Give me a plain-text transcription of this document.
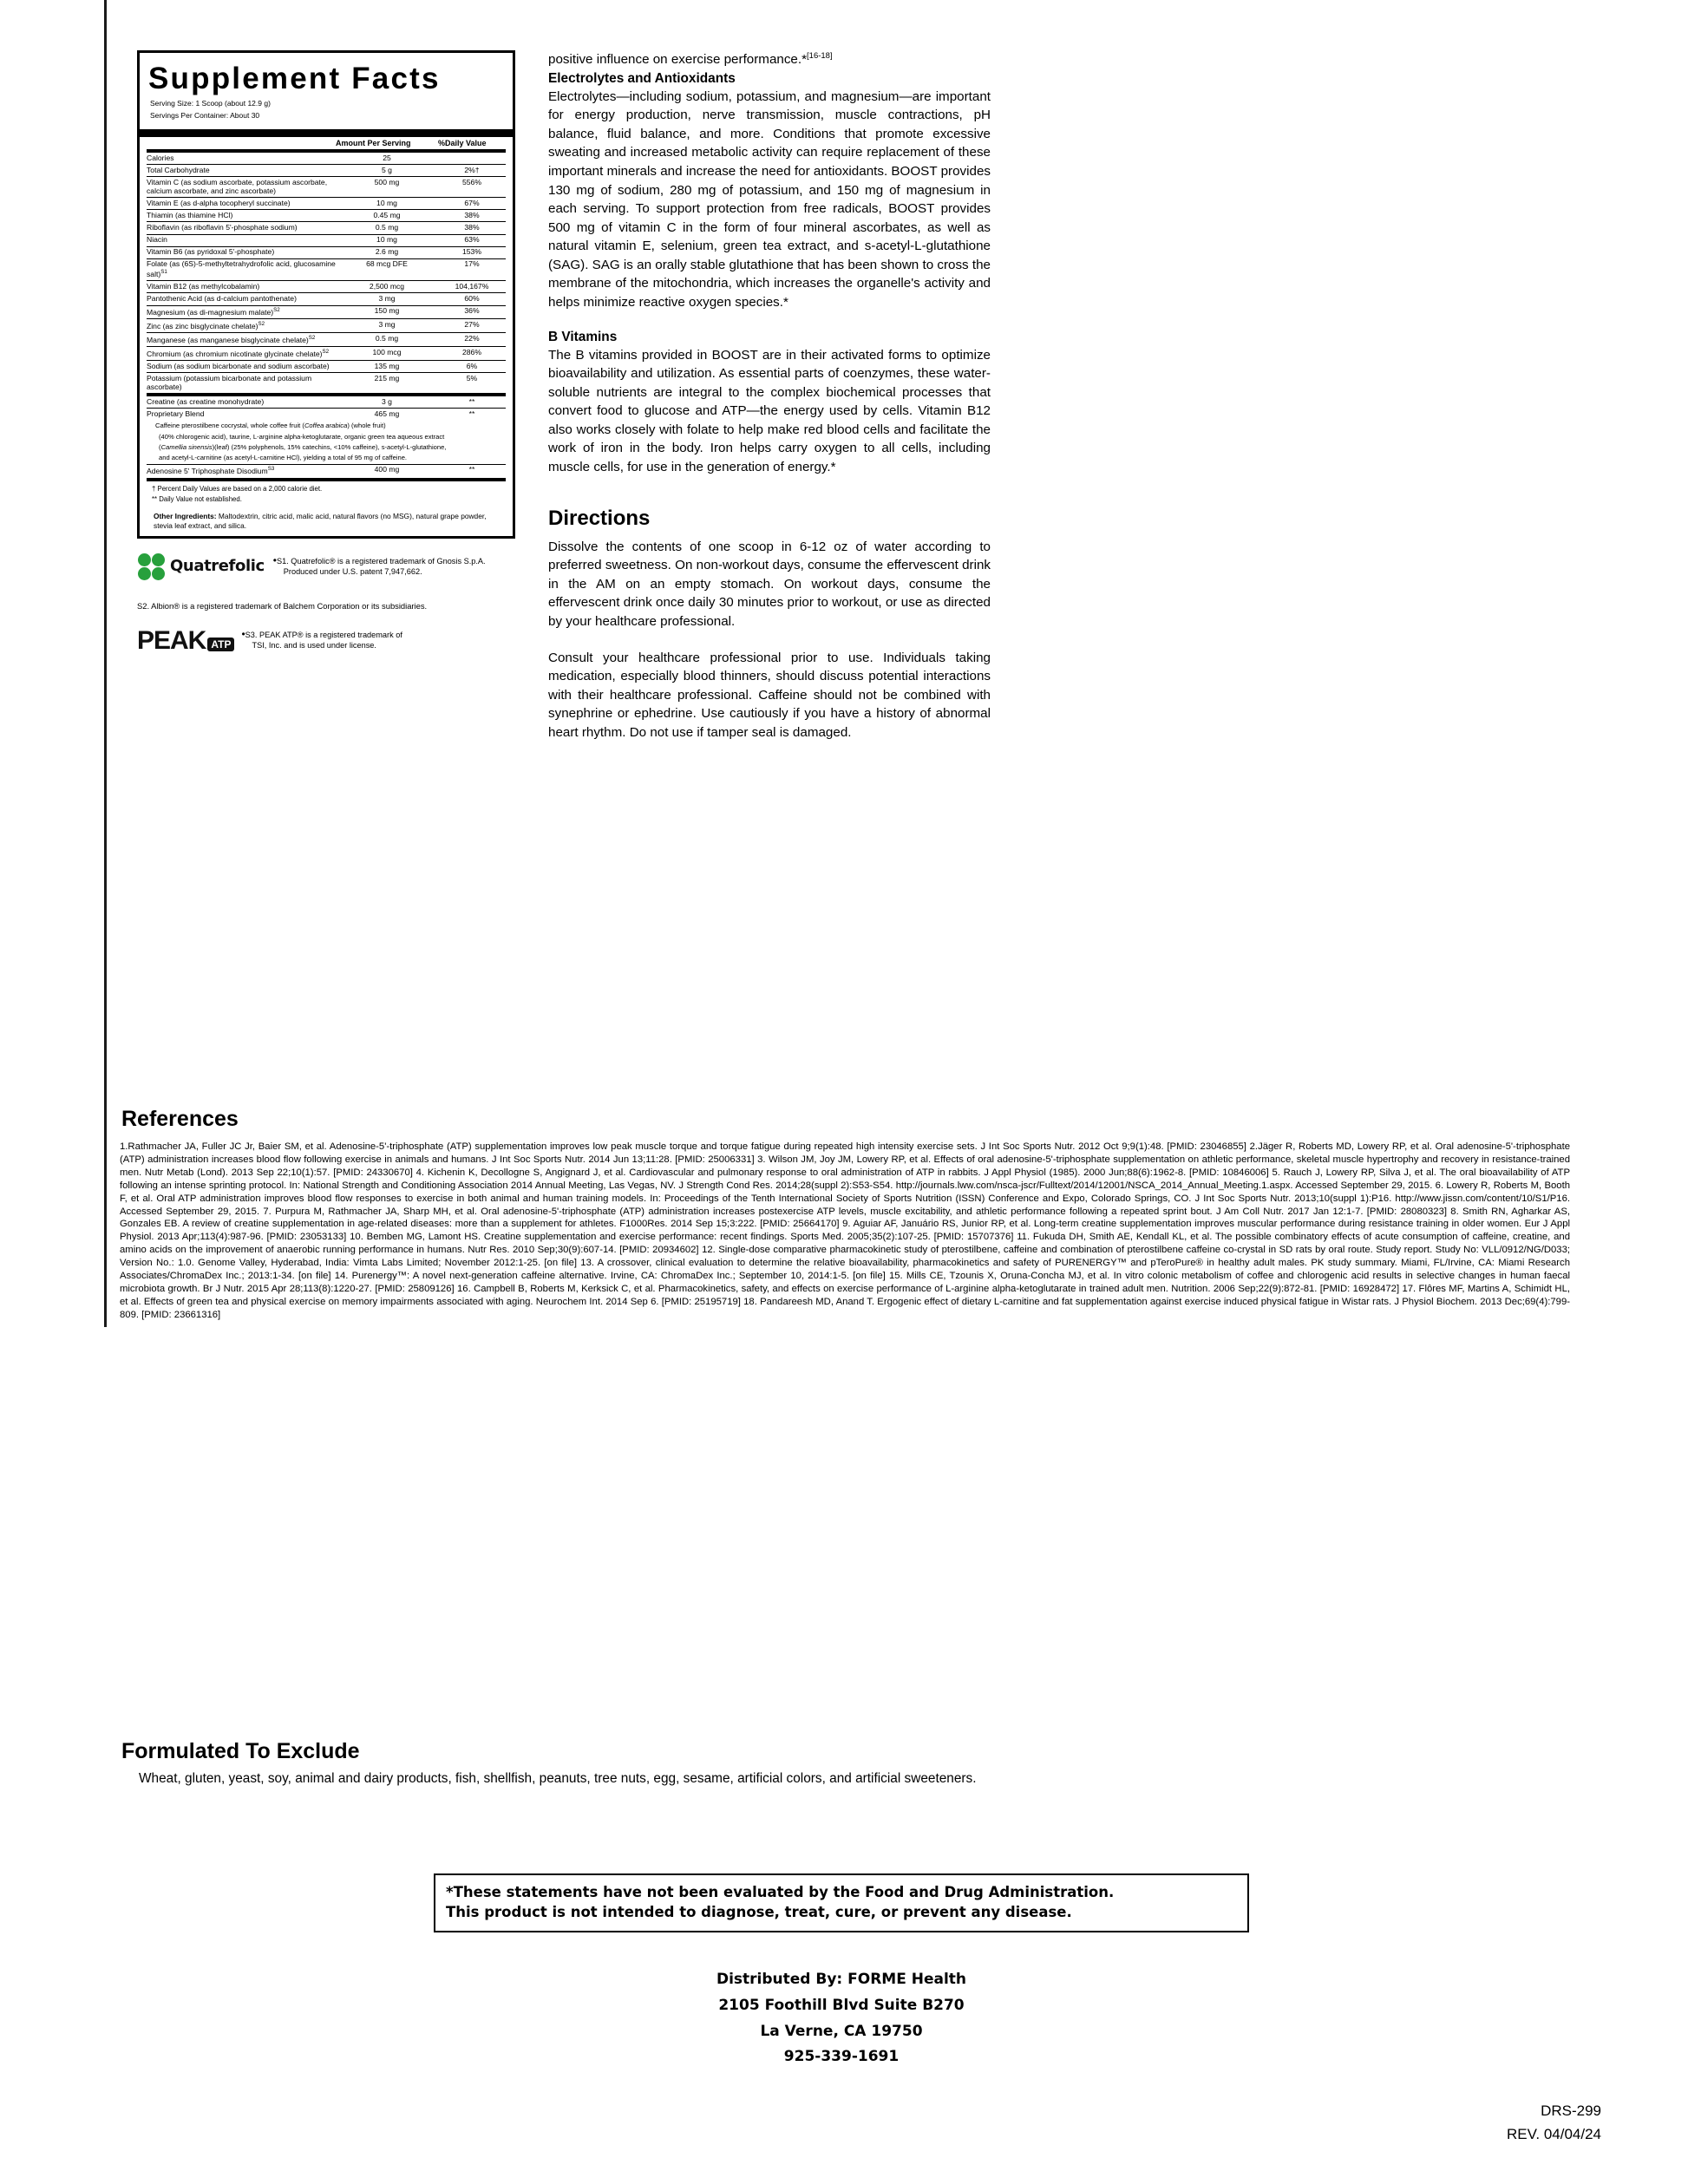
Supplement Facts
Serving Size: 1 Scoop (about 12.9 g)
Servings Per Container: About 30
Amount Per Serving	%Daily Value
Calories	25	
Total Carbohydrate	5 g	2%†
Vitamin C (as sodium ascorbate, potassium ascorbate, calcium ascorbate, and zinc ascorbate)	500 mg	556%
Vitamin E (as d-alpha tocopheryl succinate)	10 mg	67%
Thiamin (as thiamine HCl)	0.45 mg	38%
Riboflavin (as riboflavin 5'-phosphate sodium)	0.5 mg	38%
Niacin	10 mg	63%
Vitamin B6 (as pyridoxal 5'-phosphate)	2.6 mg	153%
Folate (as (6S)-5-methyltetrahydrofolic acid, glucosamine salt)$^{S1}$	68 mcg DFE	17%
Vitamin B12 (as methylcobalamin)	2,500 mcg	104,167%
Pantothenic Acid (as d-calcium pantothenate)	3 mg	60%
Magnesium (as di-magnesium malate)$^{S2}$	150 mg	36%
Zinc (as zinc bisglycinate chelate)$^{S2}$	3 mg	27%
Manganese (as manganese bisglycinate chelate)$^{S2}$	0.5 mg	22%
Chromium (as chromium nicotinate glycinate chelate)$^{S2}$	100 mcg	286%
Sodium (as sodium bicarbonate and sodium ascorbate)	135 mg	6%
Potassium (potassium bicarbonate and potassium ascorbate)	215 mg	5%
Creatine (as creatine monohydrate)	3 g	**
Proprietary Blend	465 mg	**
Caffeine pterostilbene cocrystal, whole coffee fruit (Coffea arabica) (whole fruit)
(40% chlorogenic acid), taurine, L-arginine alpha-ketoglutarate, organic green tea aqueous extract
(Camellia sinensis)(leaf) (25% polyphenols, 15% catechins, <10% caffeine), s-acetyl-L-glutathione,
and acetyl-L-carnitine (as acetyl-L-carnitine HCl), yielding a total of 95 mg of caffeine.
Adenosine 5' Triphosphate Disodium$^{S3}$	400 mg	**
† Percent Daily Values are based on a 2,000 calorie diet.
** Daily Value not established.
Other Ingredients: Maltodextrin, citric acid, malic acid, natural flavors (no MSG), natural grape powder, stevia leaf extract, and silica.
Quatrefolic •S1. Quatrefolic® is a registered trademark of Gnosis S.p.A.
Produced under U.S. patent 7,947,662.
S2. Albion® is a registered trademark of Balchem Corporation or its subsidiaries.
PEAK ATP
•S3. PEAK ATP® is a registered trademark of
TSI, Inc. and is used under license.

positive influence on exercise performance.*[16-18]

Electrolytes and Antioxidants

Electrolytes—including sodium, potassium, and magnesium—are important for energy production, nerve transmission, muscle contractions, pH balance, fluid balance, and more. Conditions that promote excessive sweating and increased metabolic activity can require replacement of these important minerals and increase the need for antioxidants. BOOST provides 130 mg of sodium, 280 mg of potassium, and 150 mg of magnesium in each serving. To support protection from free radicals, BOOST provides 500 mg of vitamin C in the form of four mineral ascorbates, as well as natural vitamin E, selenium, green tea extract, and s-acetyl-L-glutathione (SAG). SAG is an orally stable glutathione that has been shown to cross the membrane of the mitochondria, which increases the organelle's activity and helps minimize reactive oxygen species.*

B Vitamins

The B vitamins provided in BOOST are in their activated forms to optimize bioavailability and utilization. As essential parts of coenzymes, these water-soluble nutrients are integral to the complex biochemical processes that convert food to glucose and ATP—the energy used by cells. Vitamin B12 also works closely with folate to help make red blood cells and facilitate the work of iron in the body. Iron helps carry oxygen to all cells, including muscle cells, for use in the generation of energy.*

Directions

Dissolve the contents of one scoop in 6-12 oz of water according to preferred sweetness. On non-workout days, consume the effervescent drink in the AM on an empty stomach. On workout days, consume the effervescent drink once daily 30 minutes prior to workout, or use as directed by your healthcare professional.

Consult your healthcare professional prior to use. Individuals taking medication, especially blood thinners, should discuss potential interactions with their healthcare professional. Caffeine should not be combined with synephrine or ephedrine. Use cautiously if you have a history of abnormal heart rhythm. Do not use if tamper seal is damaged.

References

1.Rathmacher JA, Fuller JC Jr, Baier SM, et al. Adenosine-5'-triphosphate (ATP) supplementation improves low peak muscle torque and torque fatigue during repeated high intensity exercise sets. J Int Soc Sports Nutr. 2012 Oct 9;9(1):48. [PMID: 23046855] 2.Jäger R, Roberts MD, Lowery RP, et al. Oral adenosine-5'-triphosphate (ATP) administration increases blood flow following exercise in animals and humans. J Int Soc Sports Nutr. 2014 Jun 13;11:28. [PMID: 25006331] 3. Wilson JM, Joy JM, Lowery RP, et al. Effects of oral adenosine-5'-triphosphate supplementation on athletic performance, skeletal muscle hypertrophy and recovery in resistance-trained men. Nutr Metab (Lond). 2013 Sep 22;10(1):57. [PMID: 24330670] 4. Kichenin K, Decollogne S, Angignard J, et al. Cardiovascular and pulmonary response to oral administration of ATP in rabbits. J Appl Physiol (1985). 2000 Jun;88(6):1962-8. [PMID: 10846006] 5. Rauch J, Lowery RP, Silva J, et al. The oral bioavailability of ATP following an intense sprinting protocol. In: National Strength and Conditioning Association 2014 Annual Meeting, Las Vegas, NV. J Strength Cond Res. 2014;28(suppl 2):S53-S54. http://journals.lww.com/nsca-jscr/Fulltext/2014/12001/NSCA_2014_Annual_Meeting.1.aspx. Accessed September 29, 2015. 6. Lowery R, Roberts M, Booth F, et al. Oral ATP administration improves blood flow responses to exercise in both animal and human training models. In: Proceedings of the Tenth International Society of Sports Nutrition (ISSN) Conference and Expo, Colorado Springs, CO. J Int Soc Sports Nutr. 2013;10(suppl 1):P16. http://www.jissn.com/content/10/S1/P16. Accessed September 29, 2015. 7. Purpura M, Rathmacher JA, Sharp MH, et al. Oral adenosine-5'-triphosphate (ATP) administration increases postexercise ATP levels, muscle excitability, and athletic performance following a repeated sprint bout. J Am Coll Nutr. 2017 Jan 12:1-7. [PMID: 28080323] 8. Smith RN, Agharkar AS, Gonzales EB. A review of creatine supplementation in age-related diseases: more than a supplement for athletes. F1000Res. 2014 Sep 15;3:222. [PMID: 25664170] 9. Aguiar AF, Januário RS, Junior RP, et al. Long-term creatine supplementation improves muscular performance during resistance training in older women. Eur J Appl Physiol. 2013 Apr;113(4):987-96. [PMID: 23053133] 10. Bemben MG, Lamont HS. Creatine supplementation and exercise performance: recent findings. Sports Med. 2005;35(2):107-25. [PMID: 15707376] 11. Fukuda DH, Smith AE, Kendall KL, et al. The possible combinatory effects of acute consumption of caffeine, creatine, and amino acids on the improvement of anaerobic running performance in humans. Nutr Res. 2010 Sep;30(9):607-14. [PMID: 20934602] 12. Single-dose comparative pharmacokinetic study of pterostilbene, caffeine and combination of pterostilbene caffeine co-crystal in SD rats by oral route. Study report. Study No: VLL/0912/NG/D033; Version No.: 1.0. Genome Valley, Hyderabad, India: Vimta Labs Limited; November 2012:1-25. [on file] 13. A crossover, clinical evaluation to determine the relative bioavailability, pharmacokinetics and safety of PURENERGY™ and pTeroPure® in healthy adult males. PK study summary. Miami, FL/Irvine, CA: Miami Research Associates/ChromaDex Inc.; 2013:1-34. [on file] 14. Purenergy™: A novel next-generation caffeine alternative. Irvine, CA: ChromaDex Inc.; September 10, 2014:1-5. [on file] 15. Mills CE, Tzounis X, Oruna-Concha MJ, et al. In vitro colonic metabolism of coffee and chlorogenic acid results in selective changes in human faecal microbiota growth. Br J Nutr. 2015 Apr 28;113(8):1220-27. [PMID: 25809126] 16. Campbell B, Roberts M, Kerksick C, et al. Pharmacokinetics, safety, and effects on exercise performance of L-arginine alpha-ketoglutarate in trained adult men. Nutrition. 2006 Sep;22(9):872-81. [PMID: 16928472] 17. Flôres MF, Martins A, Schimidt HL, et al. Effects of green tea and physical exercise on memory impairments associated with aging. Neurochem Int. 2014 Sep 6. [PMID: 25195719] 18. Pandareesh MD, Anand T. Ergogenic effect of dietary L-carnitine and fat supplementation against exercise induced physical fatigue in Wistar rats. J Physiol Biochem. 2013 Dec;69(4):799-809. [PMID: 23661316]

Formulated To Exclude
Wheat, gluten, yeast, soy, animal and dairy products, fish, shellfish, peanuts, tree nuts, egg, sesame, artificial colors, and artificial sweeteners.
*These statements have not been evaluated by the Food and Drug Administration.
This product is not intended to diagnose, treat, cure, or prevent any disease.
Distributed By: FORME Health
2105 Foothill Blvd Suite B270
La Verne, CA 19750
925-339-1691
DRS-299
REV. 04/04/24
